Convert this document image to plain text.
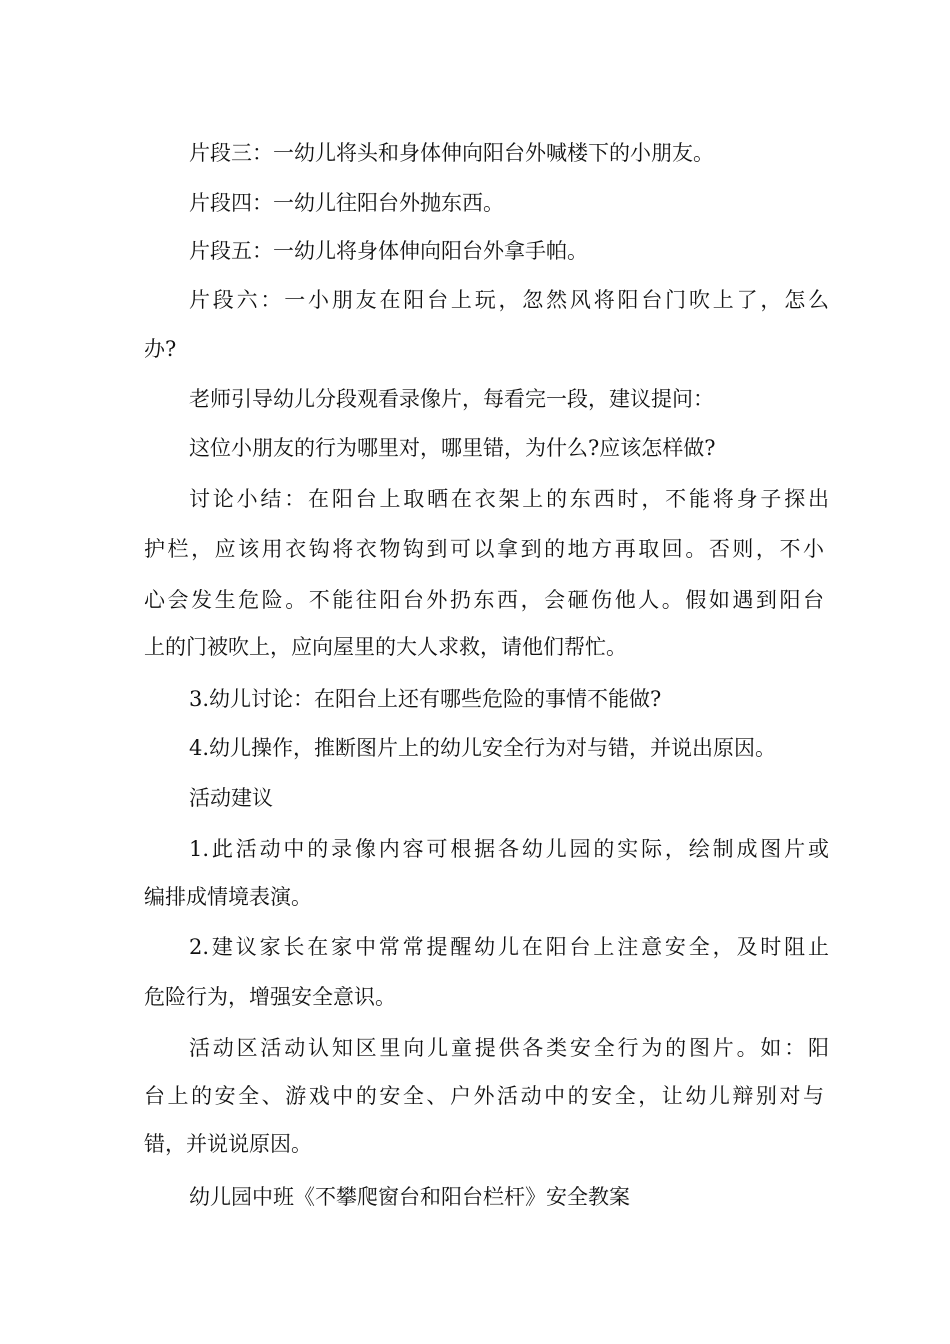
片段三：一幼儿将头和身体伸向阳台外喊楼下的小朋友。
片段四：一幼儿往阳台外抛东西。
片段五：一幼儿将身体伸向阳台外拿手帕。
片段六：一小朋友在阳台上玩，忽然风将阳台门吹上了，怎么
办?
老师引导幼儿分段观看录像片，每看完一段，建议提问：
这位小朋友的行为哪里对，哪里错，为什么?应该怎样做?
讨论小结：在阳台上取晒在衣架上的东西时，不能将身子探出
护栏，应该用衣钩将衣物钩到可以拿到的地方再取回。否则，不小
心会发生危险。不能往阳台外扔东西，会砸伤他人。假如遇到阳台
上的门被吹上，应向屋里的大人求救，请他们帮忙。
3.幼儿讨论：在阳台上还有哪些危险的事情不能做?
4.幼儿操作，推断图片上的幼儿安全行为对与错，并说出原因。
活动建议
1.此活动中的录像内容可根据各幼儿园的实际，绘制成图片或
编排成情境表演。
2.建议家长在家中常常提醒幼儿在阳台上注意安全，及时阻止
危险行为，增强安全意识。
活动区活动认知区里向儿童提供各类安全行为的图片。如：阳
台上的安全、游戏中的安全、户外活动中的安全，让幼儿辩别对与
错，并说说原因。
幼儿园中班《不攀爬窗台和阳台栏杆》安全教案
